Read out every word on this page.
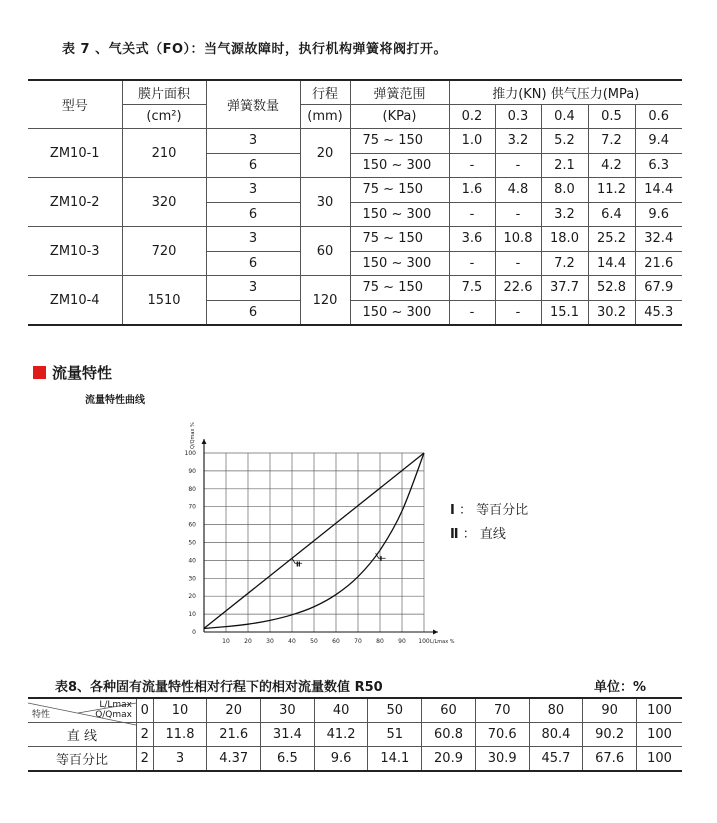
表 7 、气关式（FO）：当气源故障时，执行机构弹簧将阀打开。
型号	膜片面积	弹簧数量	行程	弹簧范围	推力(KN) 供气压力(MPa)				
	(cm²)		(mm)	(KPa)	0.2	0.3	0.4	0.5	0.6
ZM10-1	210	3	20	75 ~ 150	1.0	3.2	5.2	7.2	9.4
		6		150 ~ 300	-	-	2.1	4.2	6.3
ZM10-2	320	3	30	75 ~ 150	1.6	4.8	8.0	11.2	14.4
		6		150 ~ 300	-	-	3.2	6.4	9.6
ZM10-3	720	3	60	75 ~ 150	3.6	10.8	18.0	25.2	32.4
		6		150 ~ 300	-	-	7.2	14.4	21.6
ZM10-4	1510	3	120	75 ~ 150	7.5	22.6	37.7	52.8	67.9
		6		150 ~ 300	-	-	15.1	30.2	45.3
流量特性
流量特性曲线
10 20 30 40 50 60 70 80 90 100
0
10
20
30
40
50
60
70
80
90
100
L/Lmax %
Q/Qmax %
Ⅱ
Ⅰ
Ⅰ ： 等百分比
Ⅱ ： 直线
表8、各种固有流量特性相对行程下的相对流量数值 R50	单位：%
L/Lmax
特性 Q/Qmax	0	10	20	30	40	50	60	70	80	90	100
直 线	2	11.8	21.6	31.4	41.2	51	60.8	70.6	80.4	90.2	100
等百分比	2	3	4.37	6.5	9.6	14.1	20.9	30.9	45.7	67.6	100
